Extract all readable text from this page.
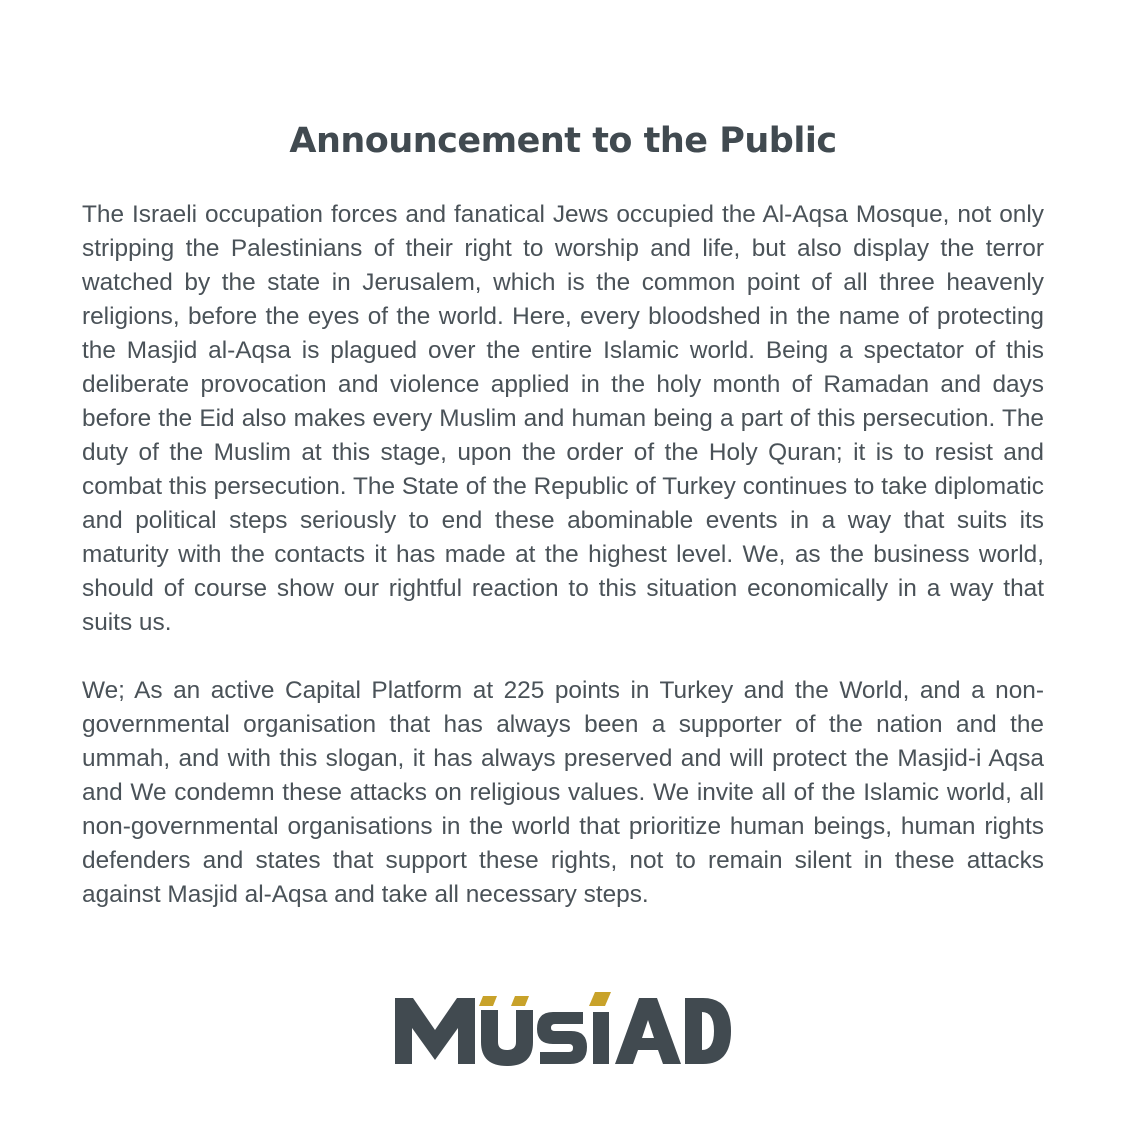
Announcement to the Public

The Israeli occupation forces and fanatical Jews occupied the Al-Aqsa Mosque, not only stripping the Palestinians of their right to worship and life, but also display the terror watched by the state in Jerusalem, which is the common point of all three heavenly religions, before the eyes of the world. Here, every bloodshed in the name of protecting the Masjid al-Aqsa is plagued over the entire Islamic world. Being a spectator of this deliberate provocation and violence applied in the holy month of Ramadan and days before the Eid also makes every Muslim and human being a part of this persecution. The duty of the Muslim at this stage, upon the order of the Holy Quran; it is to resist and combat this persecution. The State of the Republic of Turkey continues to take diplomatic and political steps seriously to end these abominable events in a way that suits its maturity with the contacts it has made at the highest level. We, as the business world, should of course show our rightful reaction to this situation economically in a way that suits us.

We; As an active Capital Platform at 225 points in Turkey and the World, and a non-governmental organisation that has always been a supporter of the nation and the ummah, and with this slogan, it has always preserved and will protect the Masjid-i Aqsa and We condemn these attacks on religious values. We invite all of the Islamic world, all non-governmental organisations in the world that prioritize human beings, human rights defenders and states that support these rights, not to remain silent in these attacks against Masjid al-Aqsa and take all necessary steps.
